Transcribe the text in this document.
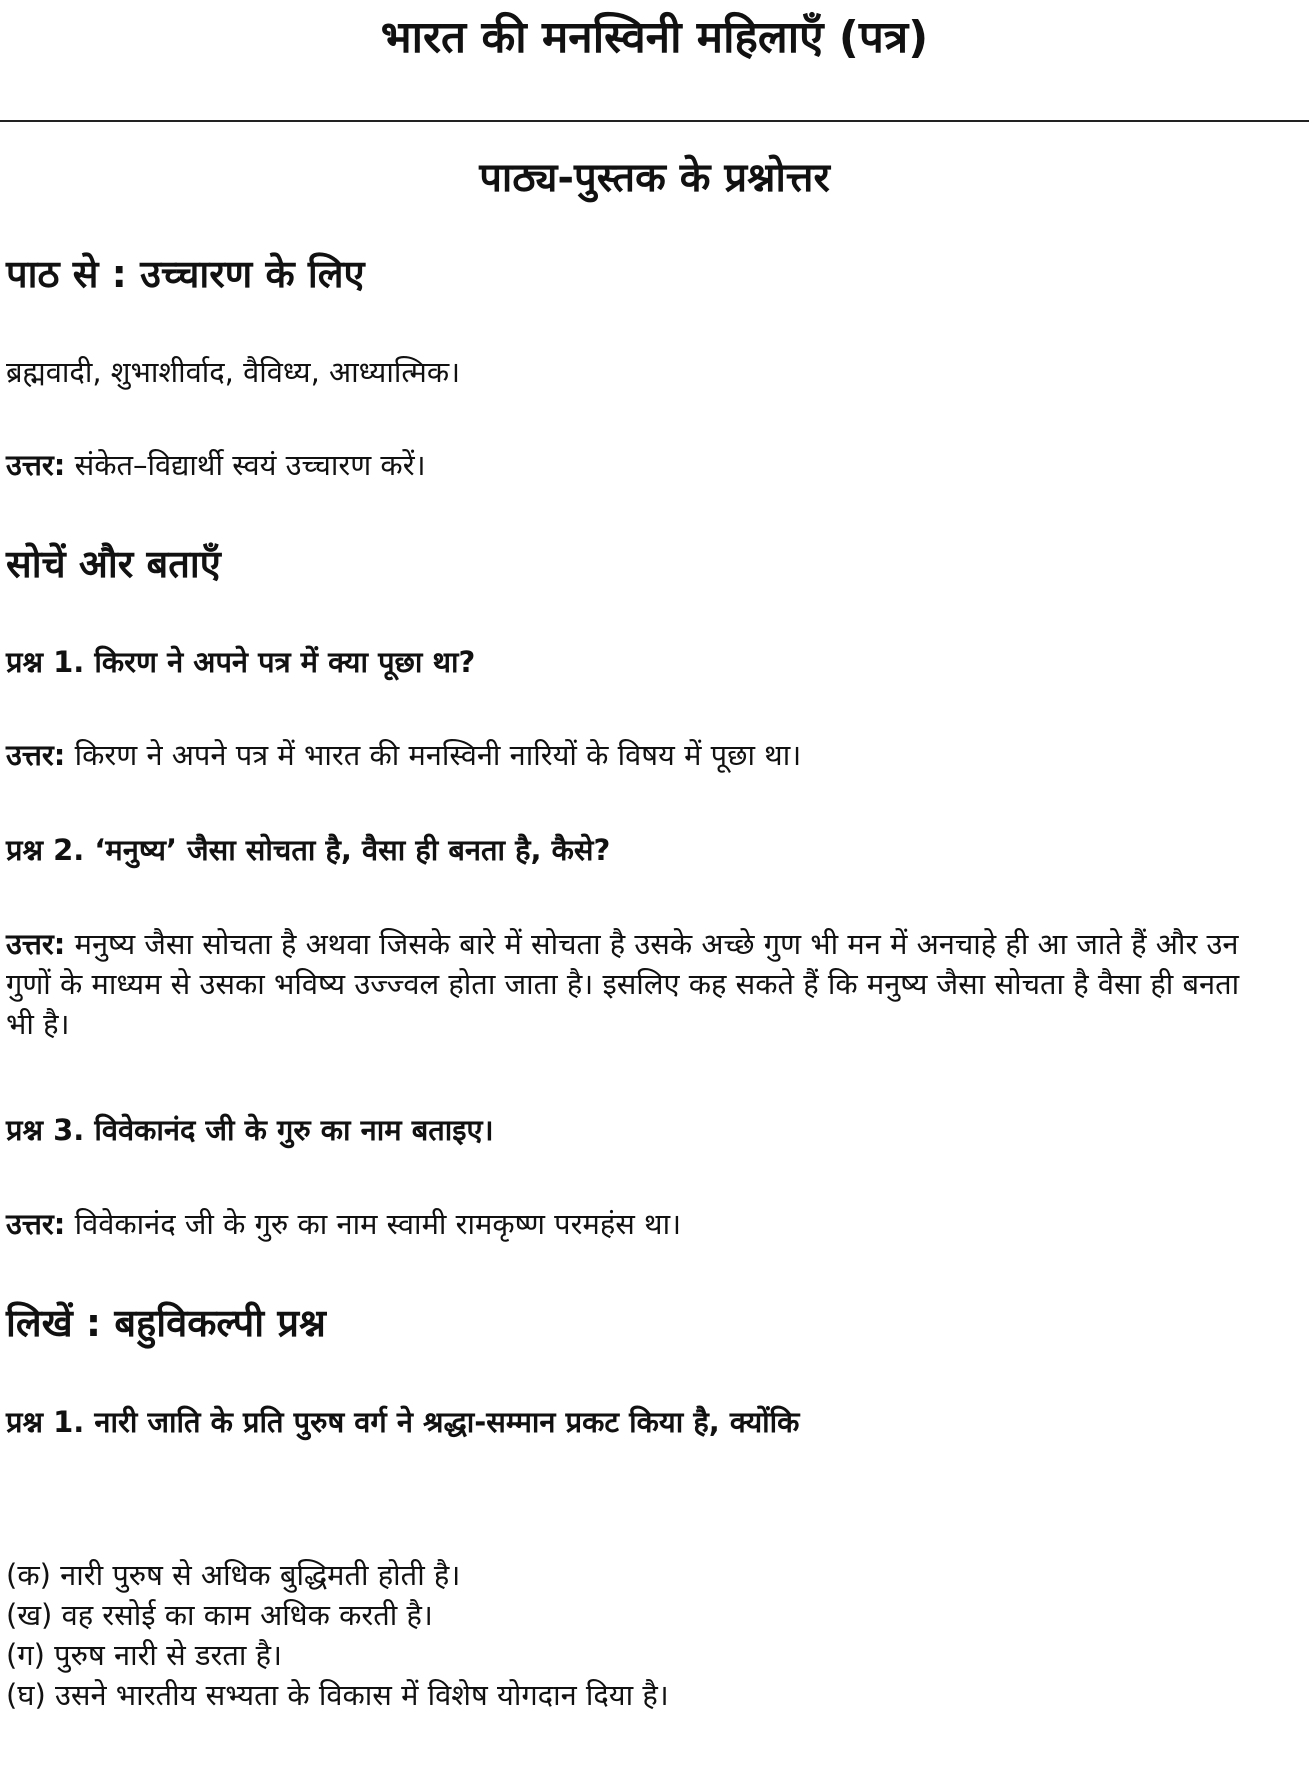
भारत की मनस्विनी महिलाएँ (पत्र)
पाठ्य-पुस्तक के प्रश्नोत्तर
पाठ से : उच्चारण के लिए

ब्रह्मवादी, शुभाशीर्वाद, वैविध्य, आध्यात्मिक।

उत्तर: संकेत–विद्यार्थी स्वयं उच्चारण करें।

सोचें और बताएँ

प्रश्न 1. किरण ने अपने पत्र में क्या पूछा था?

उत्तर: किरण ने अपने पत्र में भारत की मनस्विनी नारियों के विषय में पूछा था।

प्रश्न 2. ‘मनुष्य’ जैसा सोचता है, वैसा ही बनता है, कैसे?

उत्तर: मनुष्य जैसा सोचता है अथवा जिसके बारे में सोचता है उसके अच्छे गुण भी मन में अनचाहे ही आ जाते हैं और उन गुणों के माध्यम से उसका भविष्य उज्ज्वल होता जाता है। इसलिए कह सकते हैं कि मनुष्य जैसा सोचता है वैसा ही बनता भी है।

प्रश्न 3. विवेकानंद जी के गुरु का नाम बताइए।

उत्तर: विवेकानंद जी के गुरु का नाम स्वामी रामकृष्ण परमहंस था।

लिखें : बहुविकल्पी प्रश्न

प्रश्न 1. नारी जाति के प्रति पुरुष वर्ग ने श्रद्धा-सम्मान प्रकट किया है, क्योंकि

(क) नारी पुरुष से अधिक बुद्धिमती होती है।
(ख) वह रसोई का काम अधिक करती है।
(ग) पुरुष नारी से डरता है।
(घ) उसने भारतीय सभ्यता के विकास में विशेष योगदान दिया है।
